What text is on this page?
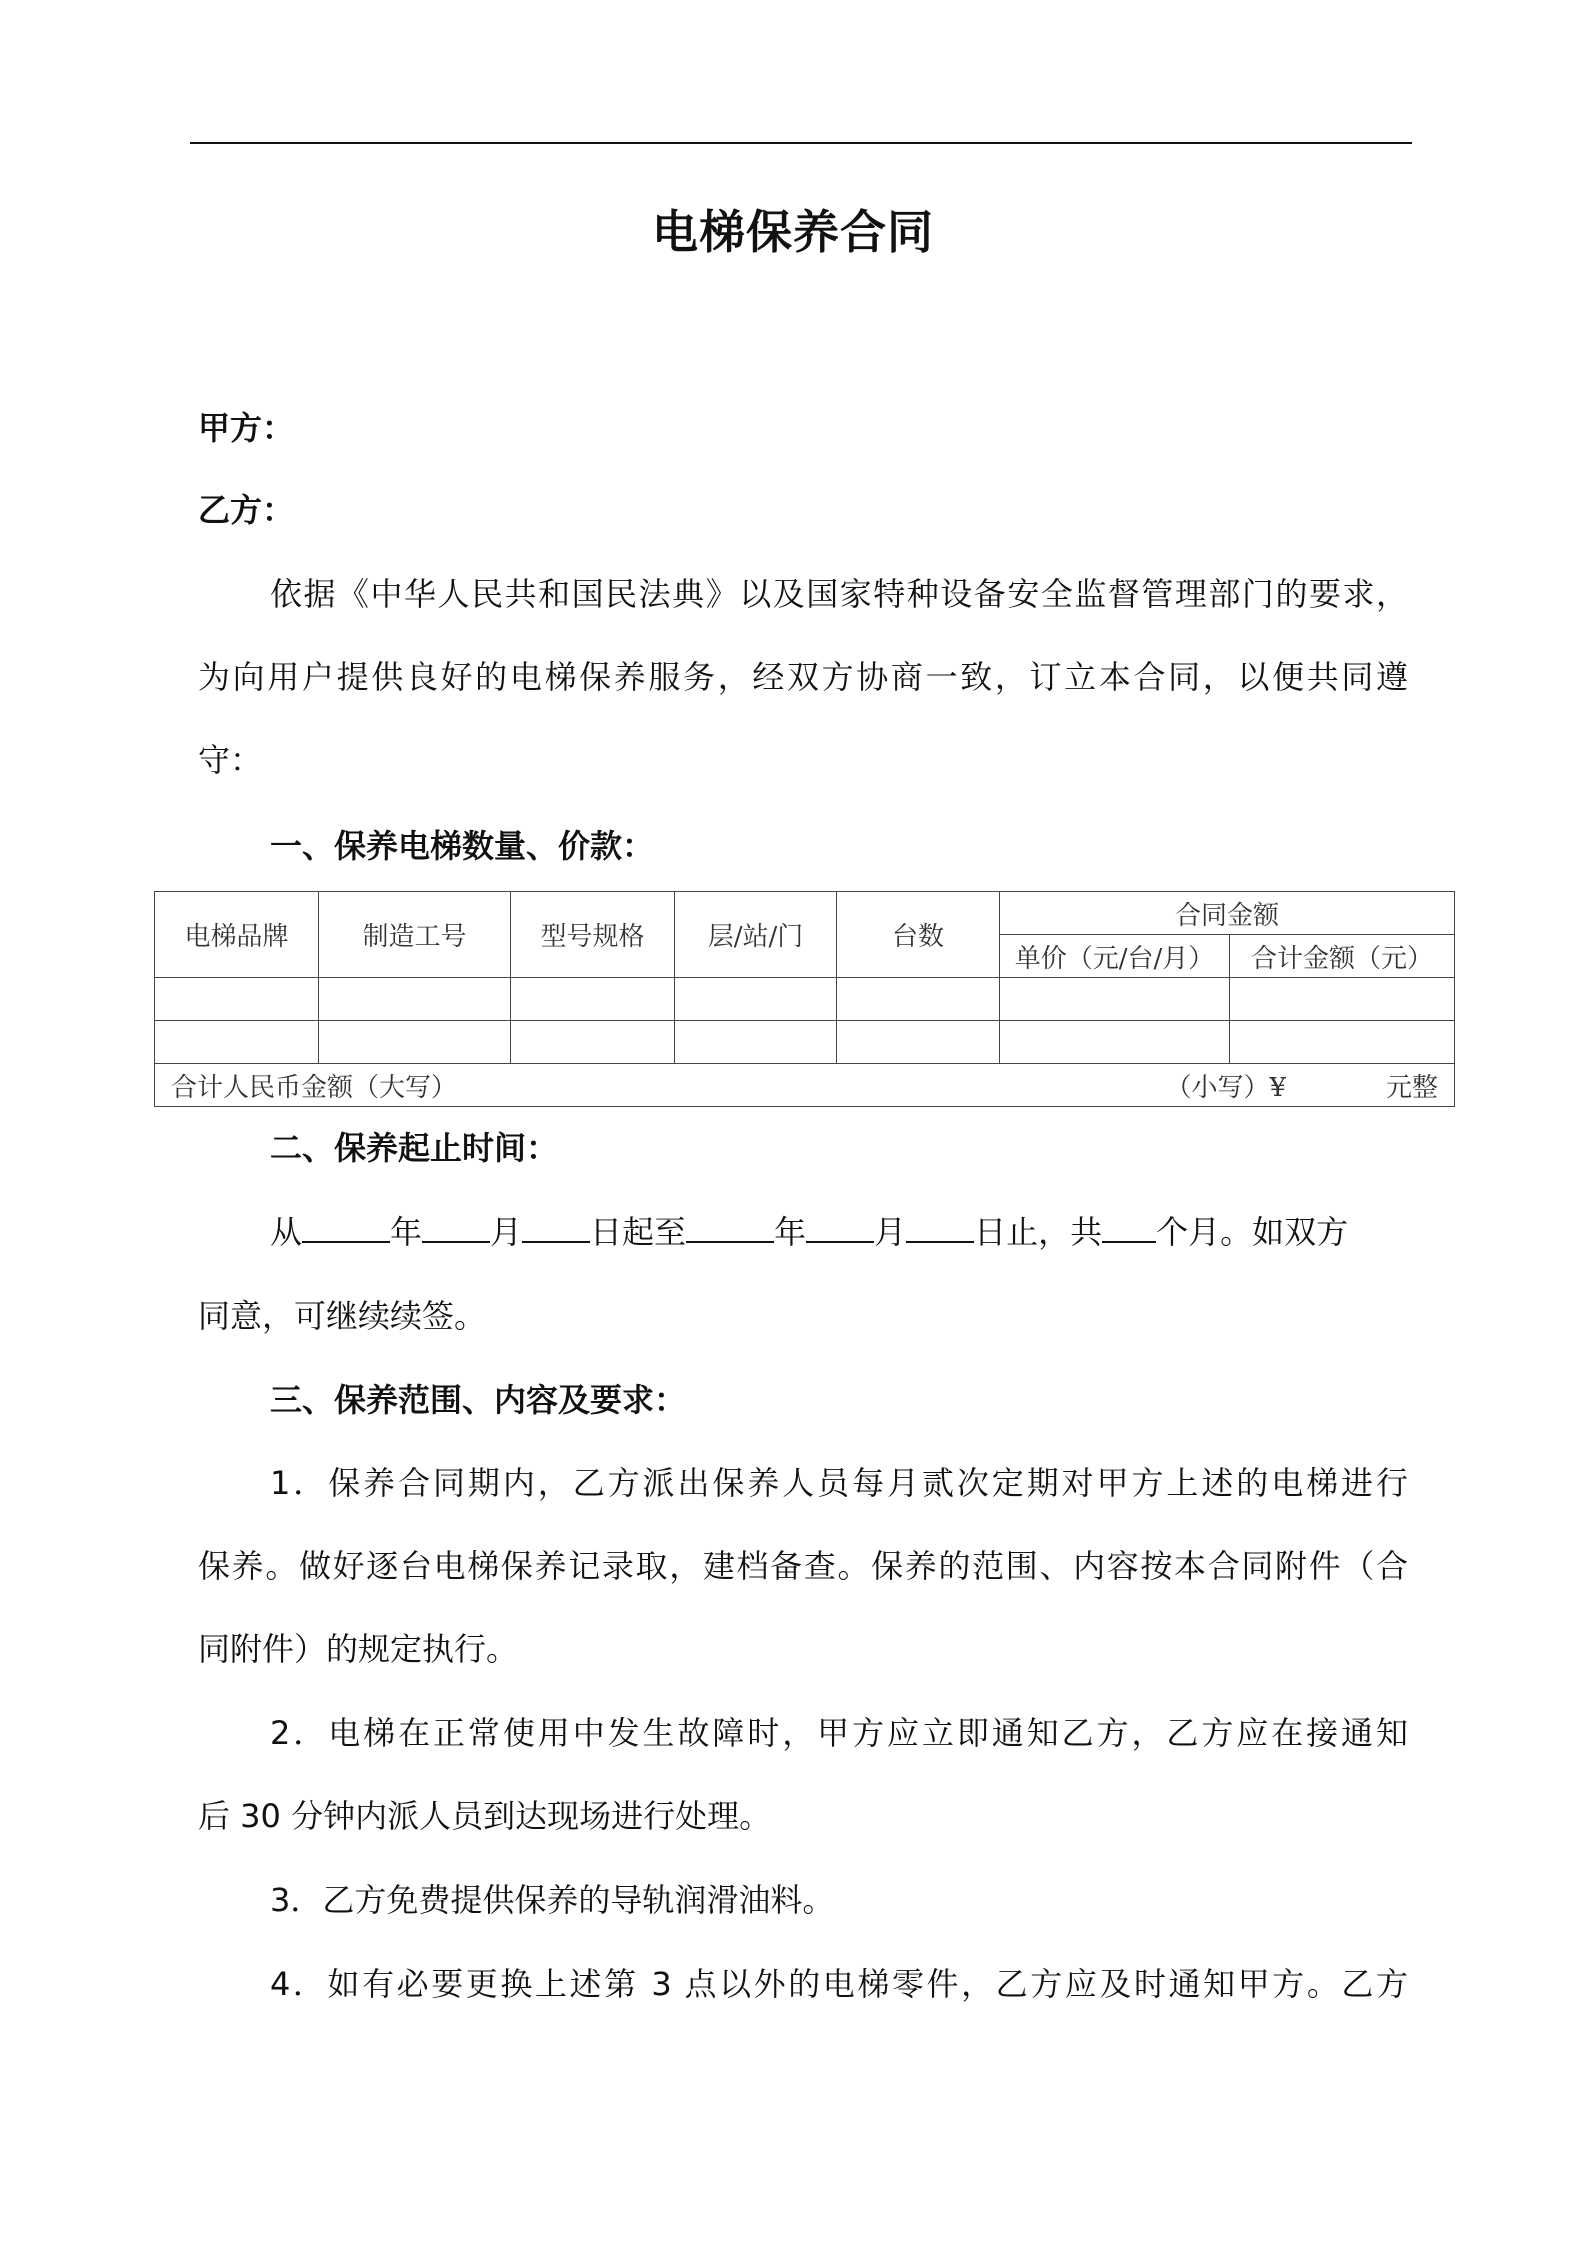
电梯保养合同
甲方：
乙方：
依据《中华人民共和国民法典》以及国家特种设备安全监督管理部门的要求，
为向用户提供良好的电梯保养服务，经双方协商一致，订立本合同，以便共同遵
守：
一、保养电梯数量、价款：
电梯品牌	制造工号	型号规格	层/站/门	台数	合同金额	
					单价（元/台/月）	合计金额（元）

合计人民币金额（大写）				（小写）¥ 元整		
二、保养起止时间：
从	年 月 日起至	年 月 日止，共 个月。如双方
同意，可继续续签。
三、保养范围、内容及要求：
1．保养合同期内，乙方派出保养人员每月贰次定期对甲方上述的电梯进行
保养。做好逐台电梯保养记录取，建档备查。保养的范围、内容按本合同附件（合
同附件）的规定执行。
2．电梯在正常使用中发生故障时，甲方应立即通知乙方，乙方应在接通知
后 30 分钟内派人员到达现场进行处理。
3．乙方免费提供保养的导轨润滑油料。
4．如有必要更换上述第 3 点以外的电梯零件，乙方应及时通知甲方。乙方
